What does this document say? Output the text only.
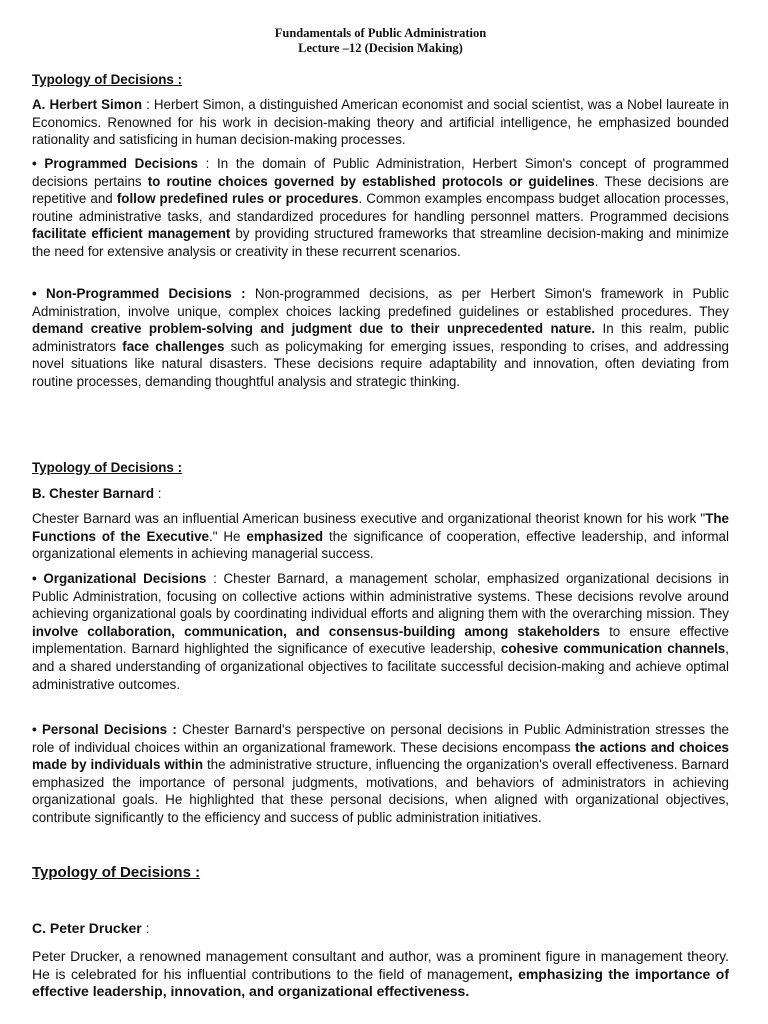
Fundamentals of Public Administration
Lecture –12 (Decision Making)

Typology of Decisions :

A. Herbert Simon : Herbert Simon, a distinguished American economist and social scientist, was a Nobel laureate in Economics. Renowned for his work in decision-making theory and artificial intelligence, he emphasized bounded rationality and satisficing in human decision-making processes.

• Programmed Decisions : In the domain of Public Administration, Herbert Simon's concept of programmed decisions pertains to routine choices governed by established protocols or guidelines. These decisions are repetitive and follow predefined rules or procedures. Common examples encompass budget allocation processes, routine administrative tasks, and standardized procedures for handling personnel matters. Programmed decisions facilitate efficient management by providing structured frameworks that streamline decision-making and minimize the need for extensive analysis or creativity in these recurrent scenarios.

• Non-Programmed Decisions : Non-programmed decisions, as per Herbert Simon's framework in Public Administration, involve unique, complex choices lacking predefined guidelines or established procedures. They demand creative problem-solving and judgment due to their unprecedented nature. In this realm, public administrators face challenges such as policymaking for emerging issues, responding to crises, and addressing novel situations like natural disasters. These decisions require adaptability and innovation, often deviating from routine processes, demanding thoughtful analysis and strategic thinking.

Typology of Decisions :

B. Chester Barnard :

Chester Barnard was an influential American business executive and organizational theorist known for his work "The Functions of the Executive." He emphasized the significance of cooperation, effective leadership, and informal organizational elements in achieving managerial success.

• Organizational Decisions : Chester Barnard, a management scholar, emphasized organizational decisions in Public Administration, focusing on collective actions within administrative systems. These decisions revolve around achieving organizational goals by coordinating individual efforts and aligning them with the overarching mission. They involve collaboration, communication, and consensus-building among stakeholders to ensure effective implementation. Barnard highlighted the significance of executive leadership, cohesive communication channels, and a shared understanding of organizational objectives to facilitate successful decision-making and achieve optimal administrative outcomes.

• Personal Decisions : Chester Barnard's perspective on personal decisions in Public Administration stresses the role of individual choices within an organizational framework. These decisions encompass the actions and choices made by individuals within the administrative structure, influencing the organization's overall effectiveness. Barnard emphasized the importance of personal judgments, motivations, and behaviors of administrators in achieving organizational goals. He highlighted that these personal decisions, when aligned with organizational objectives, contribute significantly to the efficiency and success of public administration initiatives.

Typology of Decisions :

C. Peter Drucker :

Peter Drucker, a renowned management consultant and author, was a prominent figure in management theory. He is celebrated for his influential contributions to the field of management, emphasizing the importance of effective leadership, innovation, and organizational effectiveness.
